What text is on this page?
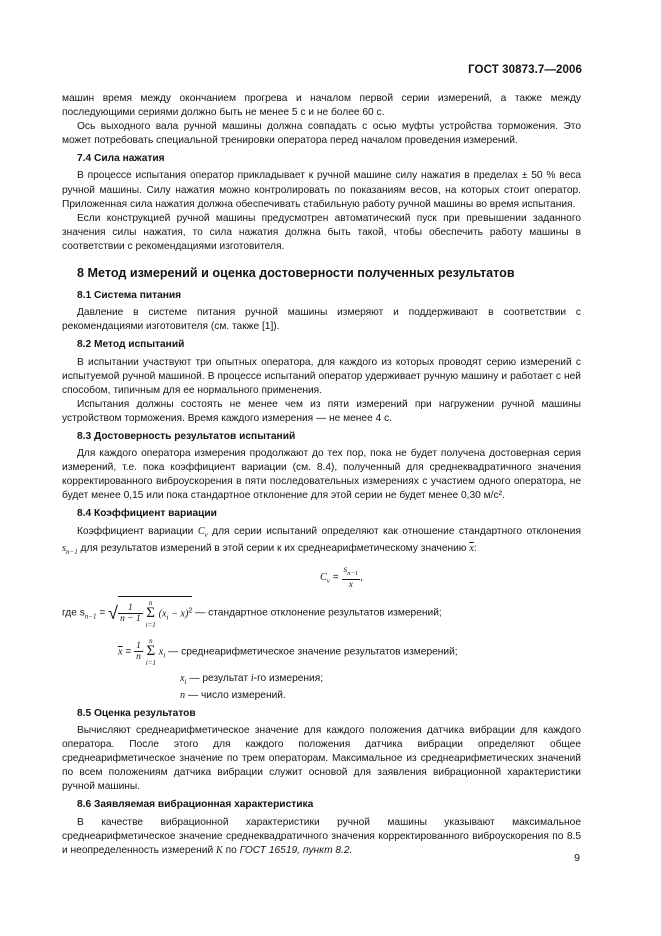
ГОСТ 30873.7—2006

машин время между окончанием прогрева и началом первой серии измерений, а также между последующими сериями должно быть не менее 5 с и не более 60 с.

Ось выходного вала ручной машины должна совпадать с осью муфты устройства торможения. Это может потребовать специальной тренировки оператора перед началом проведения измерений.

7.4 Сила нажатия

В процессе испытания оператор прикладывает к ручной машине силу нажатия в пределах ± 50 % веса ручной машины. Силу нажатия можно контролировать по показаниям весов, на которых стоит оператор. Приложенная сила нажатия должна обеспечивать стабильную работу ручной машины во время испытания.

Если конструкцией ручной машины предусмотрен автоматический пуск при превышении заданного значения силы нажатия, то сила нажатия должна быть такой, чтобы обеспечить работу машины в соответствии с рекомендациями изготовителя.

8 Метод измерений и оценка достоверности полученных результатов
8.1 Система питания

Давление в системе питания ручной машины измеряют и поддерживают в соответствии с рекомендациями изготовителя (см. также [1]).

8.2 Метод испытаний

В испытании участвуют три опытных оператора, для каждого из которых проводят серию измерений с испытуемой ручной машиной. В процессе испытаний оператор удерживает ручную машину и работает с ней способом, типичным для ее нормального применения.

Испытания должны состоять не менее чем из пяти измерений при нагружении ручной машины устройством торможения. Время каждого измерения — не менее 4 с.

8.3 Достоверность результатов испытаний

Для каждого оператора измерения продолжают до тех пор, пока не будет получена достоверная серия измерений, т.е. пока коэффициент вариации (см. 8.4), полученный для среднеквадратичного значения корректированного виброускорения в пяти последовательных измерениях с участием одного оператора, не будет менее 0,15 или пока стандартное отклонение для этой серии не будет менее 0,30 м/с².

8.4 Коэффициент вариации

Коэффициент вариации $C_v$ для серии испытаний определяют как отношение стандартного отклонения $s_{n-1}$ для результатов измерений в этой серии к их среднеарифметическому значению $\overline{x}$:

$C_v = \frac{s_{n-1}}{x}$ ,
где $s_{n-1}$ = √ $\frac{1}{n - 1}$

n
Σ
i=1
$(x_i - x)^2$ — стандартное отклонение результатов измерений;
$\overline{x} = \frac{1}{n}$

n
Σ
i=1
$x_i$ — среднеарифметическое значение результатов измерений;
$x_i$ — результат i-го измерения;
n — число измерений.
8.5 Оценка результатов

Вычисляют среднеарифметическое значение для каждого положения датчика вибрации для каждого оператора. После этого для каждого положения датчика вибрации определяют общее среднеарифметическое значение по трем операторам. Максимальное из среднеарифметических значений по всем положениям датчика вибрации служит основой для заявления вибрационной характеристики ручной машины.

8.6 Заявляемая вибрационная характеристика

В качестве вибрационной характеристики ручной машины указывают максимальное среднеарифметическое значение среднеквадратичного значения корректированного виброускорения по 8.5 и неопределенность измерений K по ГОСТ 16519, пункт 8.2.

9
